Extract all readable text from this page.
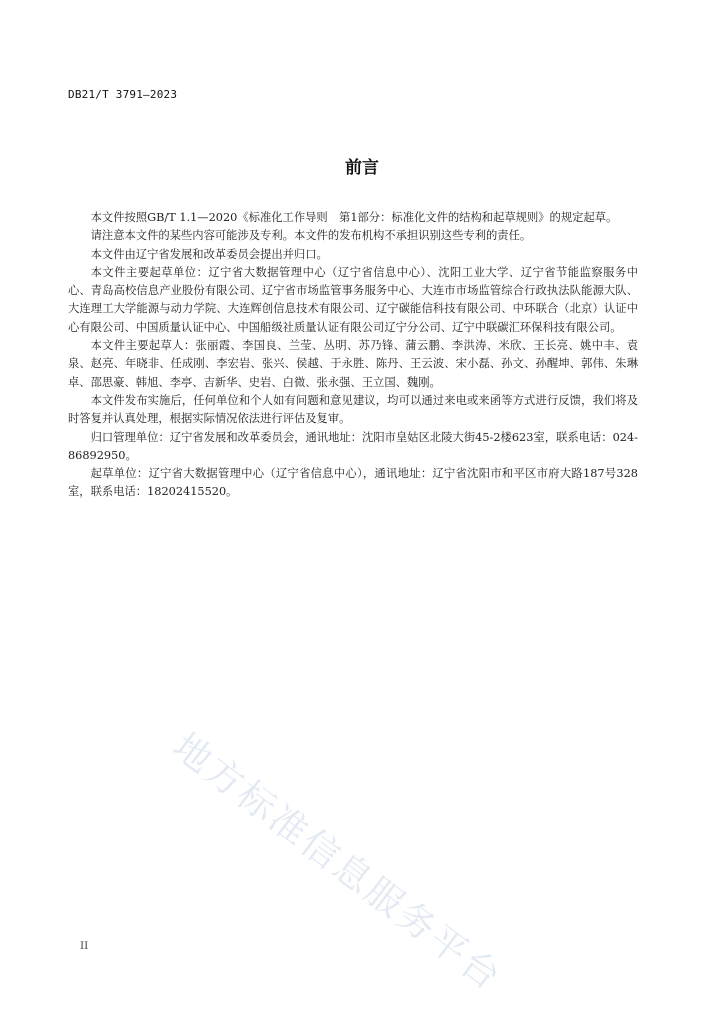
DB21/T 3791—2023
前言

本文件按照GB/T 1.1—2020《标准化工作导则　第1部分：标准化文件的结构和起草规则》的规定起草。

请注意本文件的某些内容可能涉及专利。本文件的发布机构不承担识别这些专利的责任。

本文件由辽宁省发展和改革委员会提出并归口。

本文件主要起草单位：辽宁省大数据管理中心（辽宁省信息中心）、沈阳工业大学、辽宁省节能监察服务中心、青岛高校信息产业股份有限公司、辽宁省市场监管事务服务中心、大连市市场监管综合行政执法队能源大队、大连理工大学能源与动力学院、大连辉创信息技术有限公司、辽宁碳能信科技有限公司、中环联合（北京）认证中心有限公司、中国质量认证中心、中国船级社质量认证有限公司辽宁分公司、辽宁中联碳汇环保科技有限公司。

本文件主要起草人：张丽霞、李国良、兰莹、丛明、苏乃锋、蒲云鹏、李洪涛、米欣、王长亮、姚中丰、袁泉、赵亮、年晓非、任成刚、李宏岩、张兴、侯越、于永胜、陈丹、王云波、宋小磊、孙文、孙醒坤、郭伟、朱琳卓、邵思豪、韩旭、李亭、吉新华、史岩、白微、张永强、王立国、魏刚。

本文件发布实施后，任何单位和个人如有问题和意见建议，均可以通过来电或来函等方式进行反馈，我们将及时答复并认真处理，根据实际情况依法进行评估及复审。

归口管理单位：辽宁省发展和改革委员会，通讯地址：沈阳市皇姑区北陵大街45-2楼623室，联系电话：024-86892950。

起草单位：辽宁省大数据管理中心（辽宁省信息中心），通讯地址：辽宁省沈阳市和平区市府大路187号328室，联系电话：18202415520。

地方标准信息服务平台
II
